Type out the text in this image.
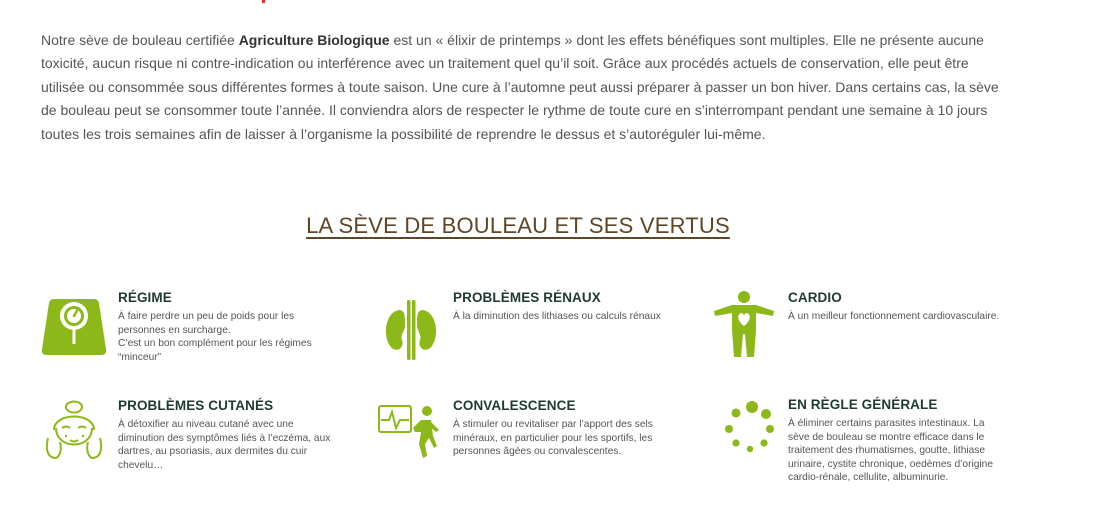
Notre sève de bouleau certifiée Agriculture Biologique est un « élixir de printemps » dont les effets bénéfiques sont multiples. Elle ne présente aucune toxicité, aucun risque ni contre-indication ou interférence avec un traitement quel qu’il soit. Grâce aux procédés actuels de conservation, elle peut être utilisée ou consommée sous différentes formes à toute saison. Une cure à l’automne peut aussi préparer à passer un bon hiver. Dans certains cas, la sève de bouleau peut se consommer toute l’année. Il conviendra alors de respecter le rythme de toute cure en s’interrompant pendant une semaine à 10 jours toutes les trois semaines afin de laisser à l’organisme la possibilité de reprendre le dessus et s’autoréguler lui-même.
LA SÈVE DE BOULEAU ET SES VERTUS
RÉGIME

À faire perdre un peu de poids pour les personnes en surcharge.
C’est un bon complément pour les régimes “minceur”

PROBLÈMES RÉNAUX

À la diminution des lithiases ou calculs rénaux

CARDIO

À un meilleur fonctionnement cardiovasculaire.

PROBLÈMES CUTANÉS

À détoxifier au niveau cutané avec une diminution des symptômes liés à l’eczéma, aux dartres, au psoriasis, aux dermites du cuir chevelu…

CONVALESCENCE

À stimuler ou revitaliser par l’apport des sels minéraux, en particulier pour les sportifs, les personnes âgées ou convalescentes.

EN RÈGLE GÉNÉRALE

À éliminer certains parasites intestinaux. La sève de bouleau se montre efficace dans le traitement des rhumatismes, goutte, lithiase urinaire, cystite chronique, oedèmes d’origine cardio-rénale, cellulite, albuminurie.
